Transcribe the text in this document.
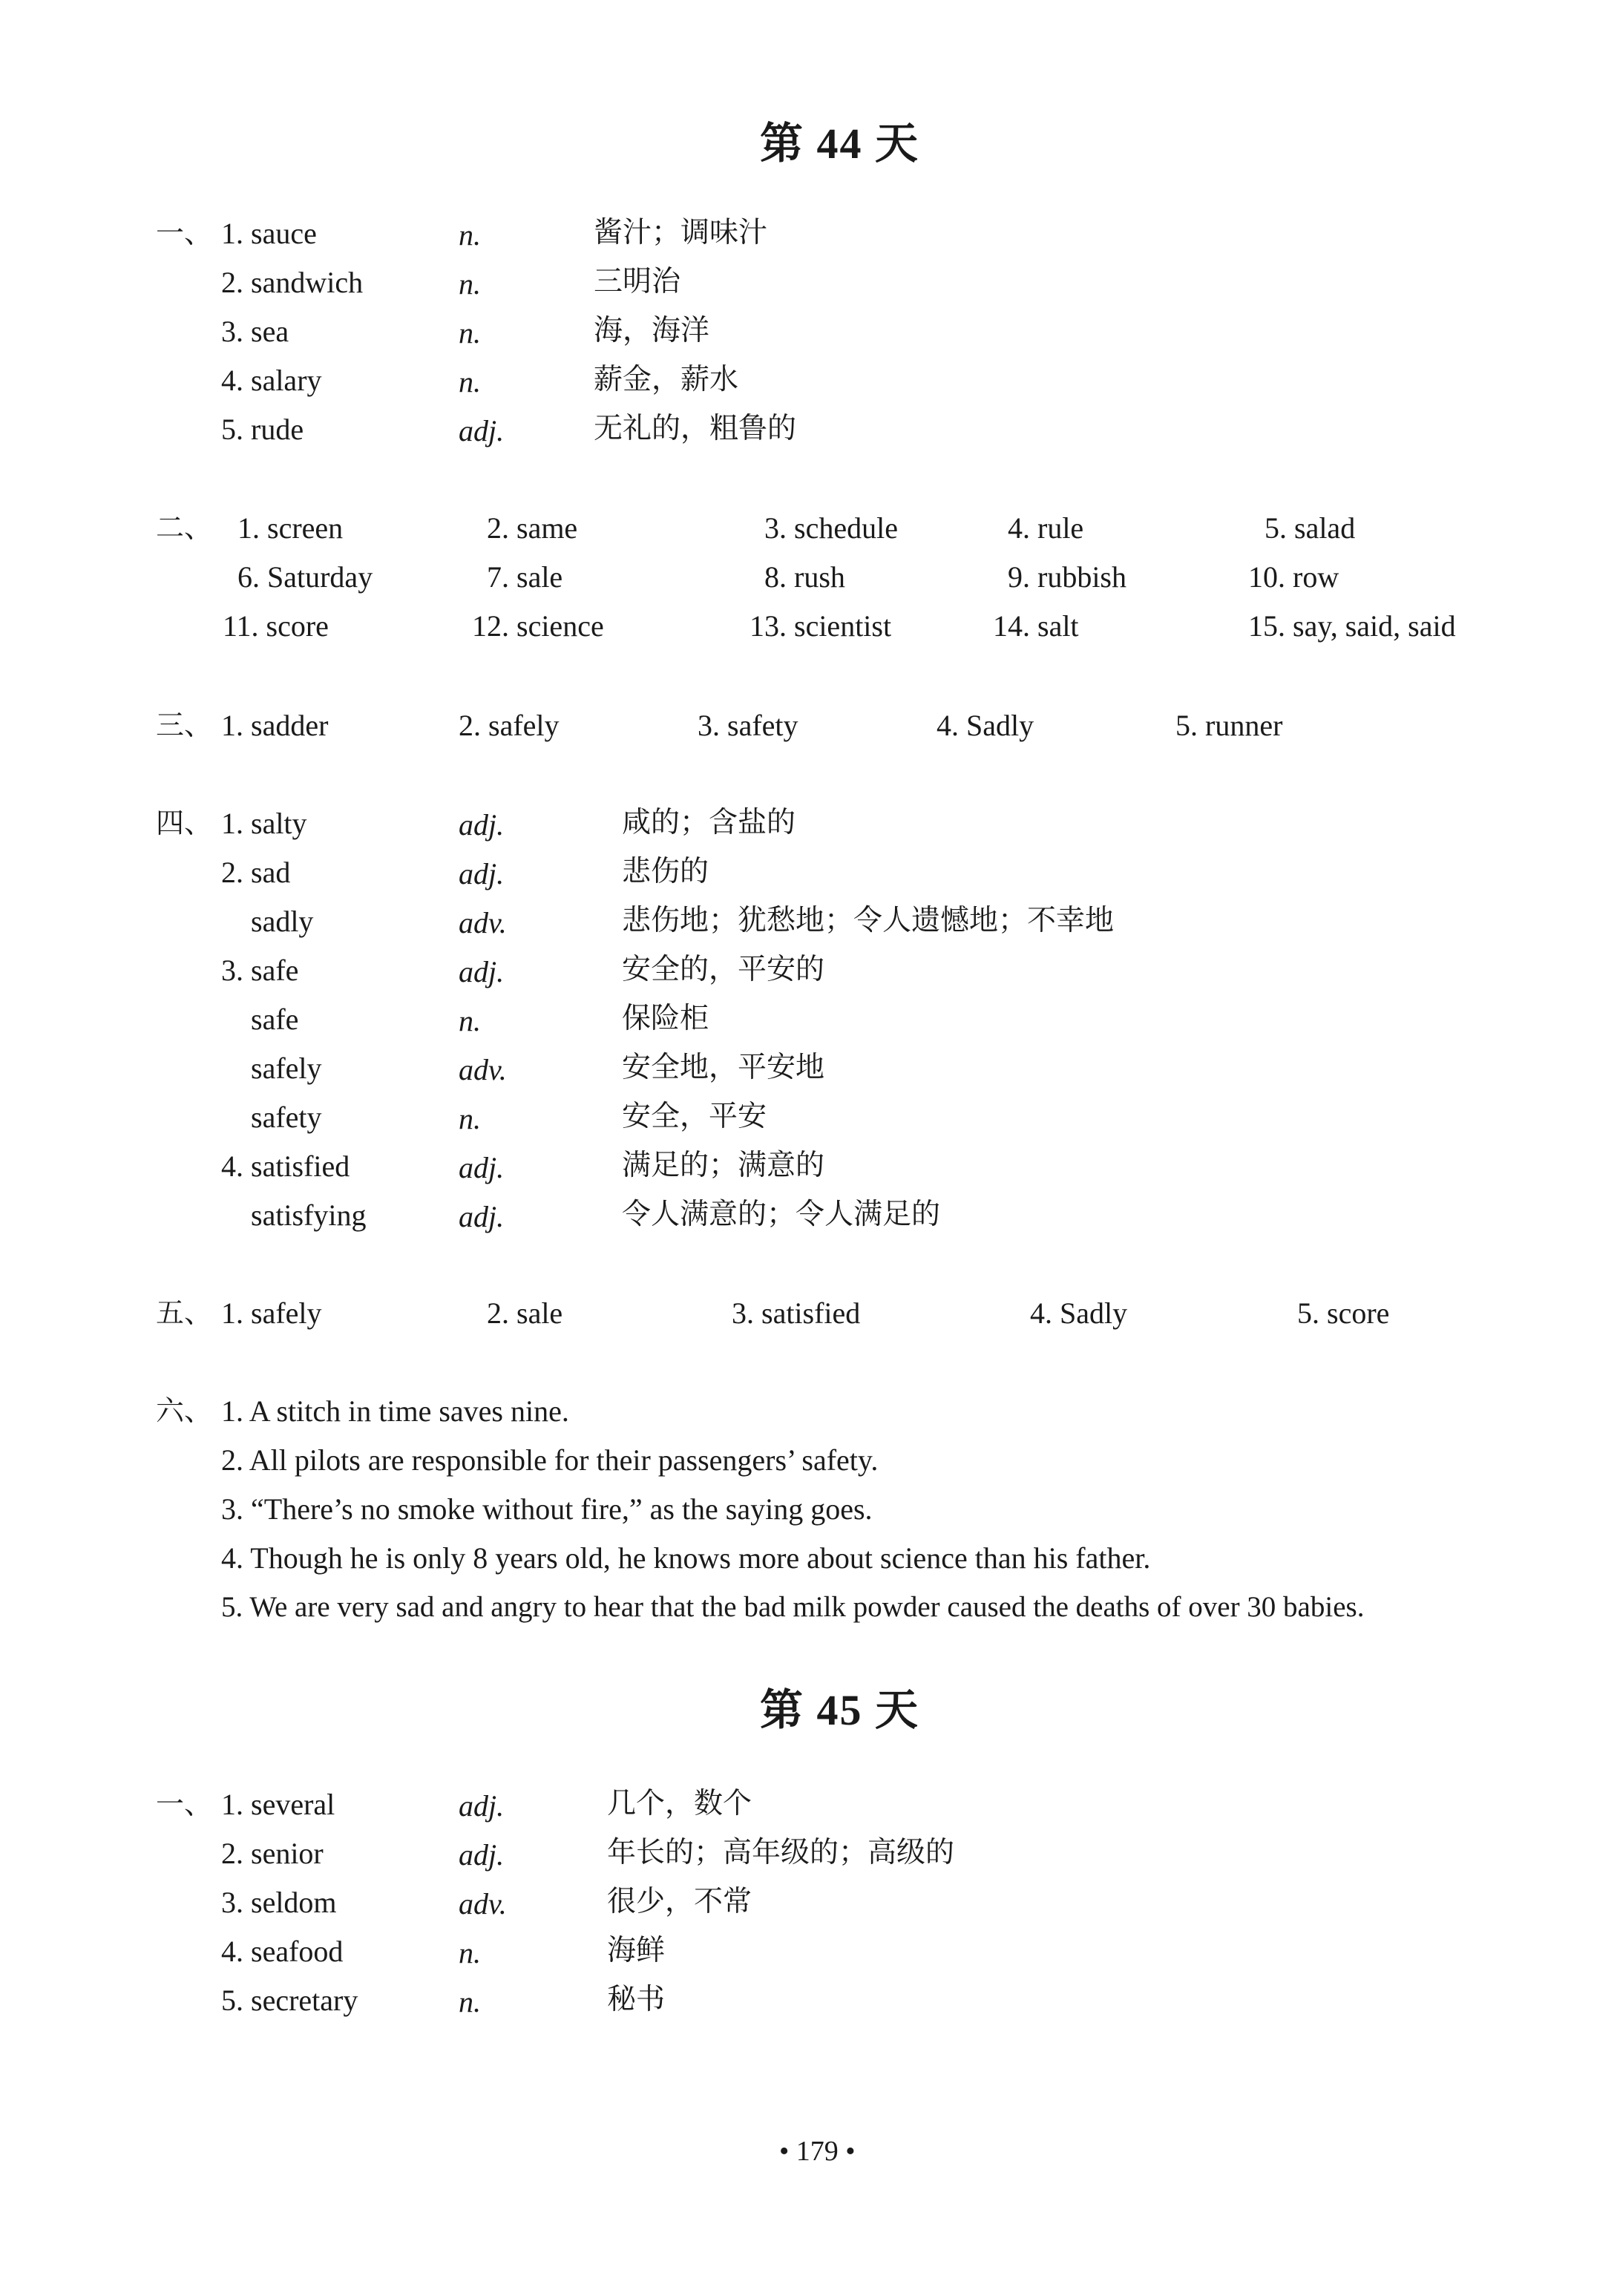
第 44 天
一、 1. sauce	n.	酱汁；调味汁
2. sandwich	n.	三明治
3. sea	n.	海，海洋
4. salary	n.	薪金，薪水
5. rude	adj.	无礼的，粗鲁的
二、 1. screen	2. same	3. schedule	4. rule	5. salad
6. Saturday	7. sale	8. rush	9. rubbish	10. row
11. score	12. science	13. scientist	14. salt	15. say, said, said
三、 1. sadder	2. safely	3. safety	4. Sadly	5. runner
四、 1. salty	adj.	咸的；含盐的
2. sad	adj.	悲伤的
sadly	adv.	悲伤地；犹愁地；令人遗憾地；不幸地
3. safe	adj.	安全的，平安的
safe	n.	保险柜
safely	adv.	安全地，平安地
safety	n.	安全，平安
4. satisfied	adj.	满足的；满意的
satisfying	adj.	令人满意的；令人满足的
五、 1. safely	2. sale	3. satisfied	4. Sadly	5. score
六、 1. A stitch in time saves nine.
2. All pilots are responsible for their passengers’ safety.
3. “There’s no smoke without fire,” as the saying goes.
4. Though he is only 8 years old, he knows more about science than his father.
5. We are very sad and angry to hear that the bad milk powder caused the deaths of over 30 babies.
第 45 天
一、 1. several	adj.	几个，数个
2. senior	adj.	年长的；高年级的；高级的
3. seldom	adv.	很少，不常
4. seafood	n.	海鲜
5. secretary	n.	秘书
• 179 •
